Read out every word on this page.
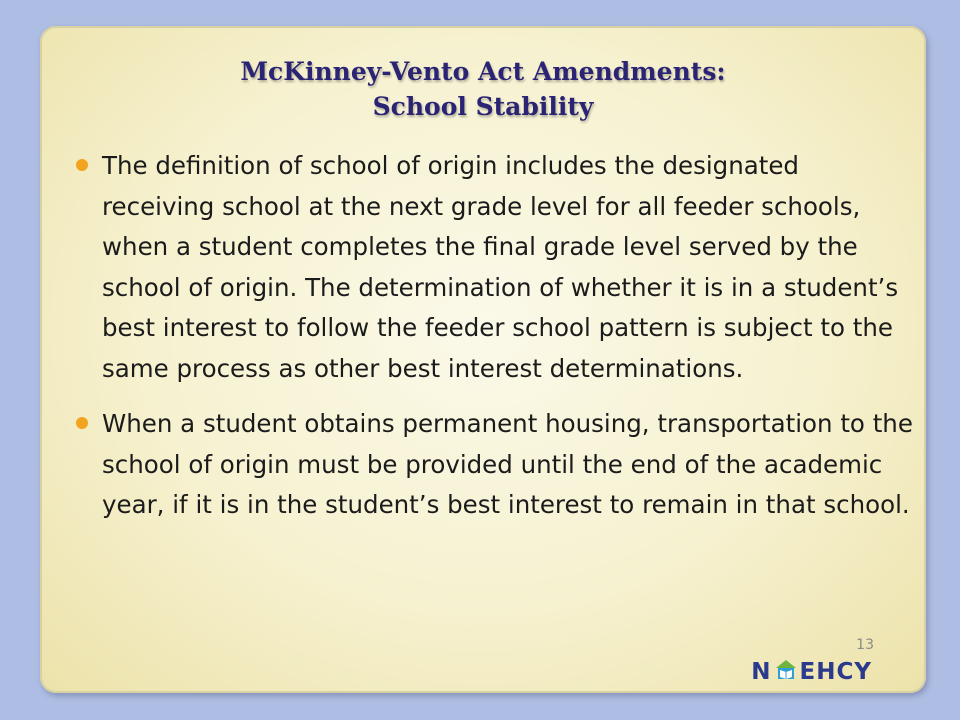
McKinney-Vento Act Amendments:
School Stability
The definition of school of origin includes the designated receiving school at the next grade level for all feeder schools, when a student completes the final grade level served by the school of origin. The determination of whether it is in a student’s best interest to follow the feeder school pattern is subject to the same process as other best interest determinations.
When a student obtains permanent housing, transportation to the school of origin must be provided until the end of the academic year, if it is in the student’s best interest to remain in that school.
13
N EHCY
